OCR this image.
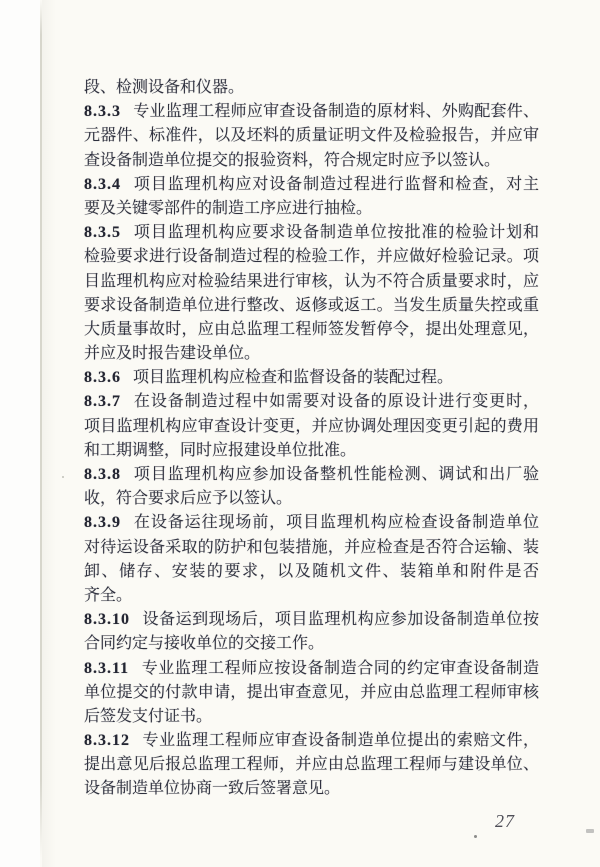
段、检测设备和仪器。
8.3.3 专业监理工程师应审查设备制造的原材料、外购配套件、
元器件、标准件，以及坯料的质量证明文件及检验报告，并应审
查设备制造单位提交的报验资料，符合规定时应予以签认。
8.3.4 项目监理机构应对设备制造过程进行监督和检查，对主
要及关键零部件的制造工序应进行抽检。
8.3.5 项目监理机构应要求设备制造单位按批准的检验计划和
检验要求进行设备制造过程的检验工作，并应做好检验记录。项
目监理机构应对检验结果进行审核，认为不符合质量要求时，应
要求设备制造单位进行整改、返修或返工。当发生质量失控或重
大质量事故时，应由总监理工程师签发暂停令，提出处理意见，
并应及时报告建设单位。
8.3.6 项目监理机构应检查和监督设备的装配过程。
8.3.7 在设备制造过程中如需要对设备的原设计进行变更时，
项目监理机构应审查设计变更，并应协调处理因变更引起的费用
和工期调整，同时应报建设单位批准。
8.3.8 项目监理机构应参加设备整机性能检测、调试和出厂验
收，符合要求后应予以签认。
8.3.9 在设备运往现场前，项目监理机构应检查设备制造单位
对待运设备采取的防护和包装措施，并应检查是否符合运输、装
卸、储存、安装的要求，以及随机文件、装箱单和附件是否
齐全。
8.3.10 设备运到现场后，项目监理机构应参加设备制造单位按
合同约定与接收单位的交接工作。
8.3.11 专业监理工程师应按设备制造合同的约定审查设备制造
单位提交的付款申请，提出审查意见，并应由总监理工程师审核
后签发支付证书。
8.3.12 专业监理工程师应审查设备制造单位提出的索赔文件，
提出意见后报总监理工程师，并应由总监理工程师与建设单位、
设备制造单位协商一致后签署意见。
27
